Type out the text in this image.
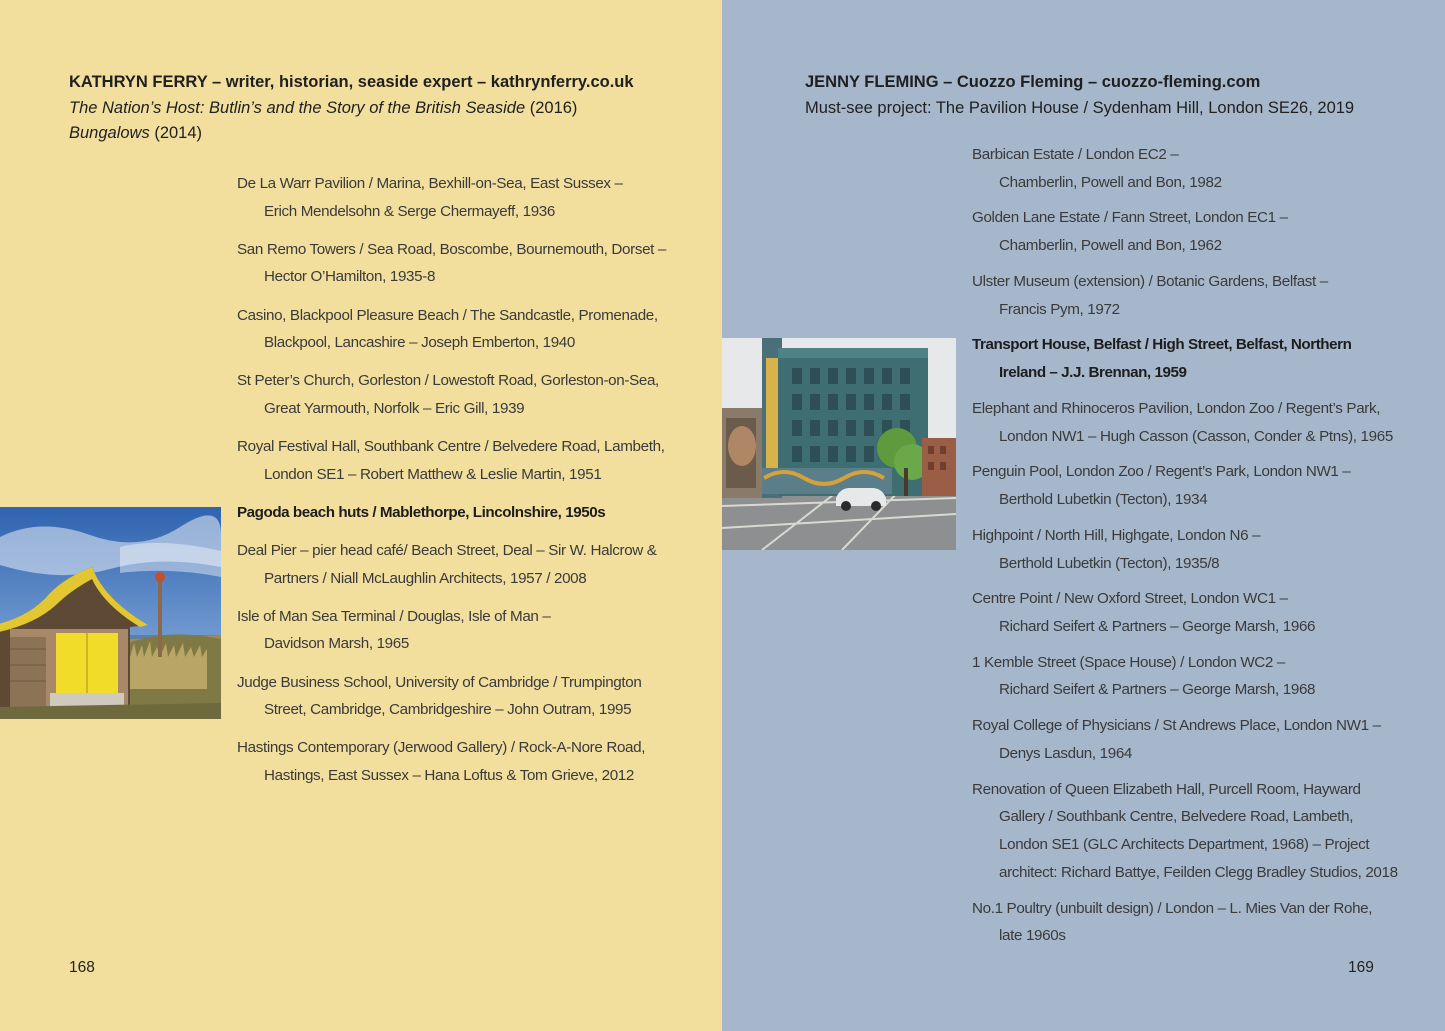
KATHRYN FERRY – writer, historian, seaside expert – kathrynferry.co.uk
The Nation’s Host: Butlin’s and the Story of the British Seaside (2016)
Bungalows (2014)
De La Warr Pavilion / Marina, Bexhill-on-Sea, East Sussex –
Erich Mendelsohn & Serge Chermayeff, 1936
San Remo Towers / Sea Road, Boscombe, Bournemouth, Dorset –
Hector O’Hamilton, 1935-8
Casino, Blackpool Pleasure Beach / The Sandcastle, Promenade,
Blackpool, Lancashire – Joseph Emberton, 1940
St Peter’s Church, Gorleston / Lowestoft Road, Gorleston-on-Sea,
Great Yarmouth, Norfolk – Eric Gill, 1939
Royal Festival Hall, Southbank Centre / Belvedere Road, Lambeth,
London SE1 – Robert Matthew & Leslie Martin, 1951
Pagoda beach huts / Mablethorpe, Lincolnshire, 1950s
Deal Pier – pier head café/ Beach Street, Deal – Sir W. Halcrow &
Partners / Niall McLaughlin Architects, 1957 / 2008
Isle of Man Sea Terminal / Douglas, Isle of Man –
Davidson Marsh, 1965
Judge Business School, University of Cambridge / Trumpington
Street, Cambridge, Cambridgeshire – John Outram, 1995
Hastings Contemporary (Jerwood Gallery) / Rock-A-Nore Road,
Hastings, East Sussex – Hana Loftus & Tom Grieve, 2012
168
JENNY FLEMING – Cuozzo Fleming – cuozzo-fleming.com
Must-see project: The Pavilion House / Sydenham Hill, London SE26, 2019
Barbican Estate / London EC2 –
Chamberlin, Powell and Bon, 1982
Golden Lane Estate / Fann Street, London EC1 –
Chamberlin, Powell and Bon, 1962
Ulster Museum (extension) / Botanic Gardens, Belfast –
Francis Pym, 1972
Transport House, Belfast / High Street, Belfast, Northern
Ireland – J.J. Brennan, 1959
Elephant and Rhinoceros Pavilion, London Zoo / Regent’s Park,
London NW1 – Hugh Casson (Casson, Conder & Ptns), 1965
Penguin Pool, London Zoo / Regent’s Park, London NW1 –
Berthold Lubetkin (Tecton), 1934
Highpoint / North Hill, Highgate, London N6 –
Berthold Lubetkin (Tecton), 1935/8
Centre Point / New Oxford Street, London WC1 –
Richard Seifert & Partners – George Marsh, 1966
1 Kemble Street (Space House) / London WC2 –
Richard Seifert & Partners – George Marsh, 1968
Royal College of Physicians / St Andrews Place, London NW1 –
Denys Lasdun, 1964
Renovation of Queen Elizabeth Hall, Purcell Room, Hayward
Gallery / Southbank Centre, Belvedere Road, Lambeth,
London SE1 (GLC Architects Department, 1968) – Project
architect: Richard Battye, Feilden Clegg Bradley Studios, 2018
No.1 Poultry (unbuilt design) / London – L. Mies Van der Rohe,
late 1960s
169
